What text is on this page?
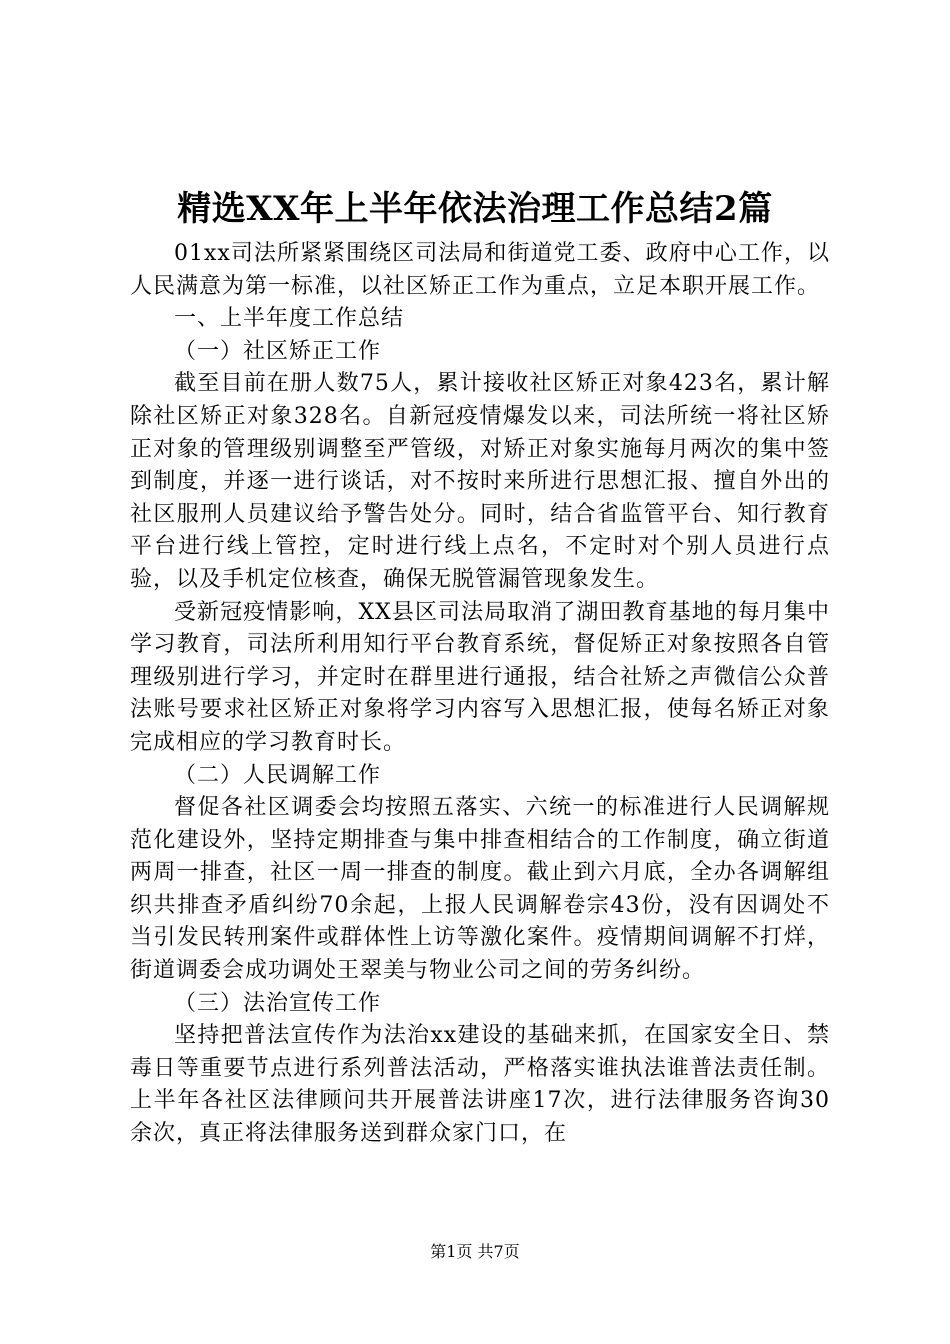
精选XX年上半年依法治理工作总结2篇

01xx司法所紧紧围绕区司法局和街道党工委、政府中心工作，以人民满意为第一标准，以社区矫正工作为重点，立足本职开展工作。

一、上半年度工作总结

（一）社区矫正工作

截至目前在册人数75人，累计接收社区矫正对象423名，累计解除社区矫正对象328名。自新冠疫情爆发以来，司法所统一将社区矫正对象的管理级别调整至严管级，对矫正对象实施每月两次的集中签到制度，并逐一进行谈话，对不按时来所进行思想汇报、擅自外出的社区服刑人员建议给予警告处分。同时，结合省监管平台、知行教育平台进行线上管控，定时进行线上点名，不定时对个别人员进行点验，以及手机定位核查，确保无脱管漏管现象发生。

受新冠疫情影响，XX县区司法局取消了湖田教育基地的每月集中学习教育，司法所利用知行平台教育系统，督促矫正对象按照各自管理级别进行学习，并定时在群里进行通报，结合社矫之声微信公众普法账号要求社区矫正对象将学习内容写入思想汇报，使每名矫正对象完成相应的学习教育时长。

（二）人民调解工作

督促各社区调委会均按照五落实、六统一的标准进行人民调解规范化建设外，坚持定期排查与集中排查相结合的工作制度，确立街道两周一排查，社区一周一排查的制度。截止到六月底，全办各调解组织共排查矛盾纠纷70余起，上报人民调解卷宗43份，没有因调处不当引发民转刑案件或群体性上访等激化案件。疫情期间调解不打烊，街道调委会成功调处王翠美与物业公司之间的劳务纠纷。

（三）法治宣传工作

坚持把普法宣传作为法治xx建设的基础来抓，在国家安全日、禁毒日等重要节点进行系列普法活动，严格落实谁执法谁普法责任制。上半年各社区法律顾问共开展普法讲座17次，进行法律服务咨询30余次，真正将法律服务送到群众家门口，在

第1页 共7页
